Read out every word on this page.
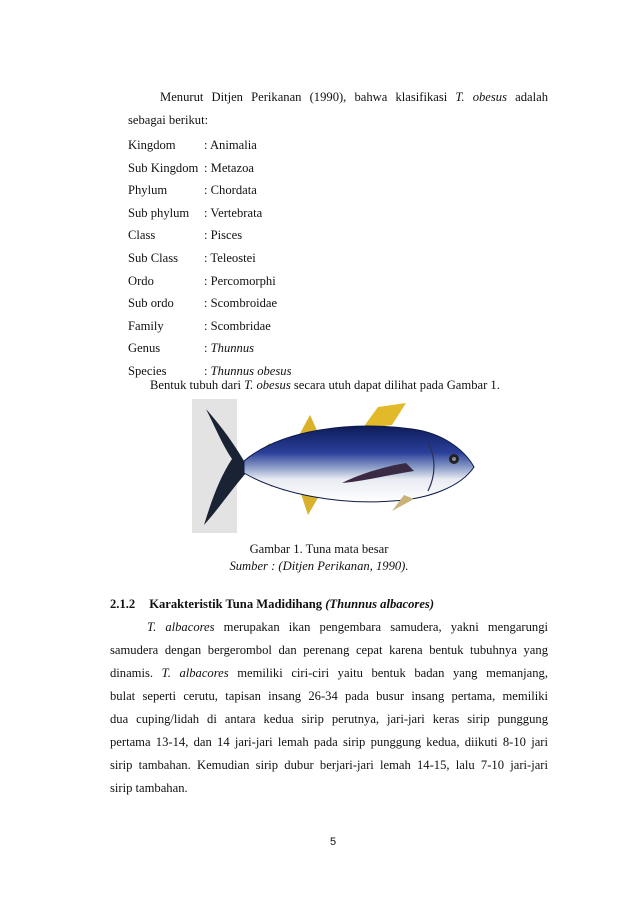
Menurut Ditjen Perikanan (1990), bahwa klasifikasi T. obesus adalah
sebagai berikut:
Kingdom : Animalia
Sub Kingdom : Metazoa
Phylum	: Chordata
Sub phylum : Vertebrata
Class	: Pisces
Sub Class : Teleostei
Ordo	: Percomorphi
Sub ordo : Scombroidae
Family	: Scombridae
Genus	: Thunnus
Species	: Thunnus obesus
Bentuk tubuh dari T. obesus secara utuh dapat dilihat pada Gambar 1.
Gambar 1. Tuna mata besar
Sumber : (Ditjen Perikanan, 1990).
2.1.2 Karakteristik Tuna Madidihang (Thunnus albacores)
T. albacores merupakan ikan pengembara samudera, yakni mengarungi
samudera dengan bergerombol dan perenang cepat karena bentuk tubuhnya yang
dinamis. T. albacores memiliki ciri-ciri yaitu bentuk badan yang memanjang,
bulat seperti cerutu, tapisan insang 26-34 pada busur insang pertama, memiliki
dua cuping/lidah di antara kedua sirip perutnya, jari-jari keras sirip punggung
pertama 13-14, dan 14 jari-jari lemah pada sirip punggung kedua, diikuti 8-10 jari
sirip tambahan. Kemudian sirip dubur berjari-jari lemah 14-15, lalu 7-10 jari-jari
sirip tambahan.
5
